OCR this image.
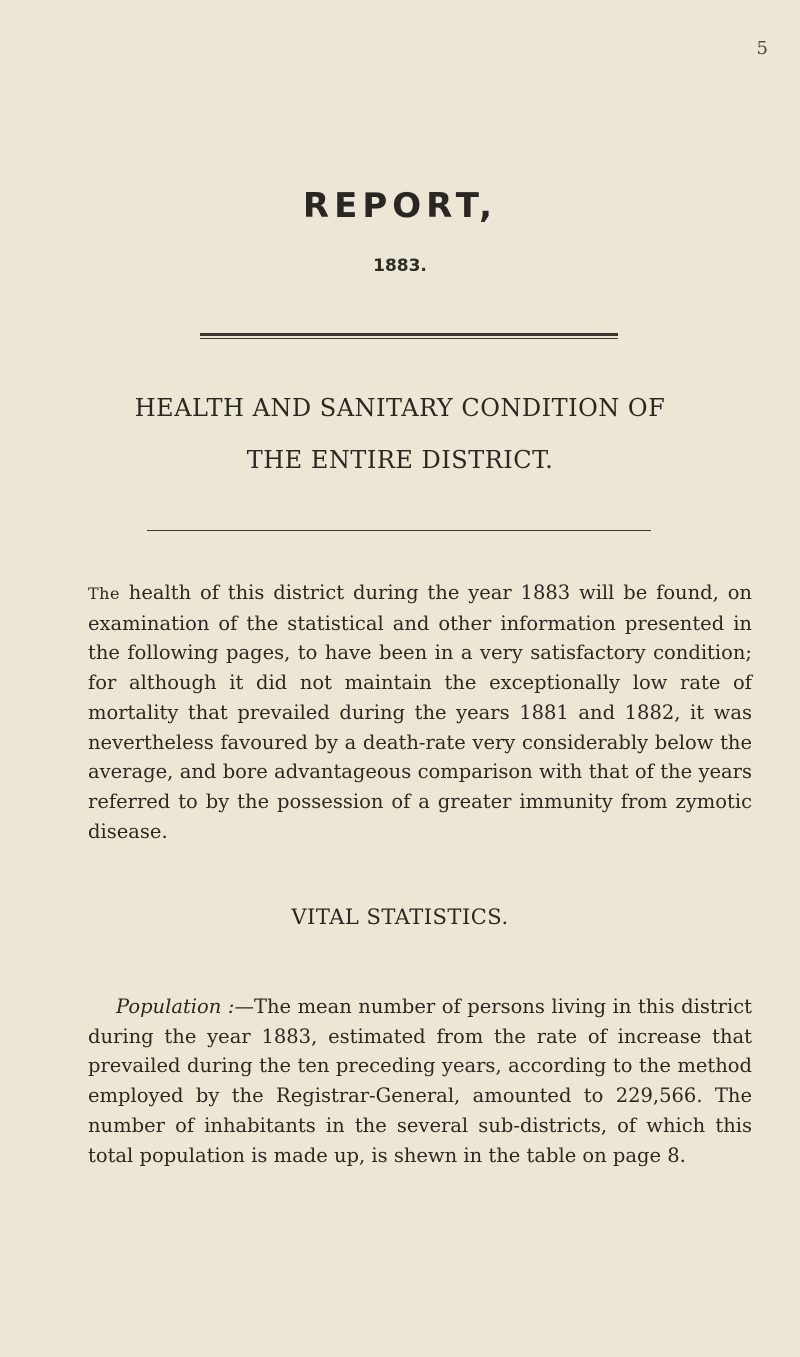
5
REPORT,
1883.
HEALTH AND SANITARY CONDITION OF
THE ENTIRE DISTRICT.

The health of this district during the year 1883 will be found, on examination of the statistical and other information presented in the following pages, to have been in a very satisfactory condition; for although it did not maintain the exceptionally low rate of mortality that prevailed during the years 1881 and 1882, it was nevertheless favoured by a death-rate very considerably below the average, and bore advantageous comparison with that of the years referred to by the possession of a greater immunity from zymotic disease.

VITAL STATISTICS.

Population :—The mean number of persons living in this district during the year 1883, estimated from the rate of increase that prevailed during the ten preceding years, according to the method employed by the Registrar-General, amounted to 229,566. The number of inhabitants in the several sub-districts, of which this total population is made up, is shewn in the table on page 8.
